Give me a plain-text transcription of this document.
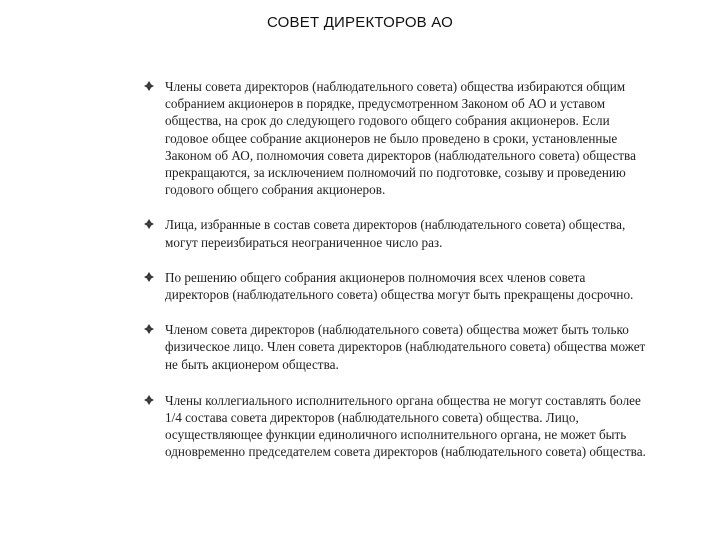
СОВЕТ ДИРЕКТОРОВ АО
Члены совета директоров (наблюдательного совета) общества избираются общим собранием акционеров в порядке, предусмотренном Законом об АО и уставом общества, на срок до следующего годового общего собрания акционеров. Если годовое общее собрание акционеров не было проведено в сроки, установленные Законом об АО, полномочия совета директоров (наблюдательного совета) общества прекращаются, за исключением полномочий по подготовке, созыву и проведению годового общего собрания акционеров.
Лица, избранные в состав совета директоров (наблюдательного совета) общества, могут переизбираться неограниченное число раз.
По решению общего собрания акционеров полномочия всех членов совета директоров (наблюдательного совета) общества могут быть прекращены досрочно.
Членом совета директоров (наблюдательного совета) общества может быть только физическое лицо. Член совета директоров (наблюдательного совета) общества может не быть акционером общества.
Члены коллегиального исполнительного органа общества не могут составлять более 1/4 состава совета директоров (наблюдательного совета) общества. Лицо, осуществляющее функции единоличного исполнительного органа, не может быть одновременно председателем совета директоров (наблюдательного совета) общества.
